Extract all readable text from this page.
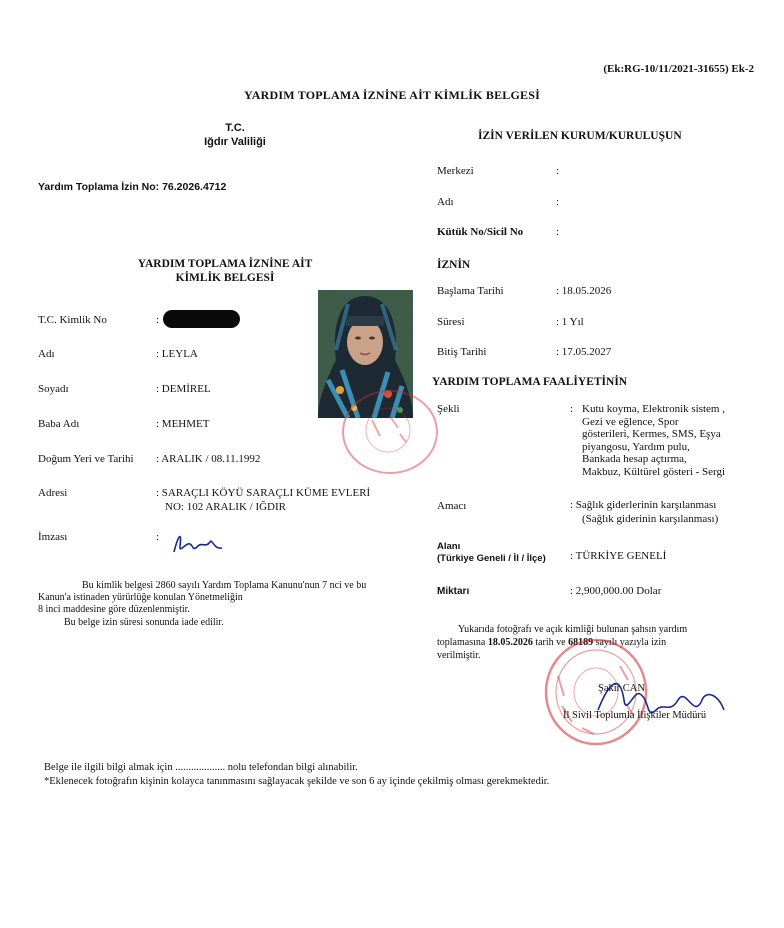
(Ek:RG-10/11/2021-31655) Ek-2
YARDIM TOPLAMA İZNİNE AİT KİMLİK BELGESİ
T.C.
Iğdır Valiliği
Yardım Toplama İzin No: 76.2026.4712
YARDIM TOPLAMA İZNİNE AİT
KİMLİK BELGESİ
T.C. Kimlik No	:
Adı	: LEYLA
Soyadı	: DEMİREL
Baba Adı	: MEHMET
Doğum Yeri ve Tarihi : ARALIK / 08.11.1992
Adresi	: SARAÇLI KÖYÜ SARAÇLI KÜME EVLERİ
NO: 102 ARALIK / IĞDIR
İmzası	:
Bu kimlik belgesi 2860 sayılı Yardım Toplama Kanunu'nun 7 nci ve bu
Kanun'a istinaden yürürlüğe konulan Yönetmeliğin
8 inci maddesine göre düzenlenmiştir.
Bu belge izin süresi sonunda iade edilir.
İZİN VERİLEN KURUM/KURULUŞUN
Merkezi	:
Adı	:
Kütük No/Sicil No	:
İZNİN
Başlama Tarihi	: 18.05.2026
Süresi	: 1 Yıl
Bitiş Tarihi	: 17.05.2027
YARDIM TOPLAMA FAALİYETİNİN
Şekli	: Kutu koyma, Elektronik sistem ,
Gezi ve eğlence, Spor
gösterileri, Kermes, SMS, Eşya
piyangosu, Yardım pulu,
Bankada hesap açtırma,
Makbuz, Kültürel gösteri - Sergi
Amacı	: Sağlık giderlerinin karşılanması
(Sağlık giderinin karşılanması)
Alanı
(Türkiye Geneli / İl / İlçe) : TÜRKİYE GENELİ
Miktarı	: 2,900,000.00 Dolar
Yukarıda fotoğrafı ve açık kimliği bulunan şahsın yardım
toplamasına 18.05.2026 tarih ve 68189 sayılı yazıyla izin
verilmiştir.
Şakir CAN
İl Sivil Toplumla İlişkiler Müdürü
Belge ile ilgili bilgi almak için ................... nolu telefondan bilgi alınabilir.
*Eklenecek fotoğrafın kişinin kolayca tanınmasını sağlayacak şekilde ve son 6 ay içinde çekilmiş olması gerekmektedir.
